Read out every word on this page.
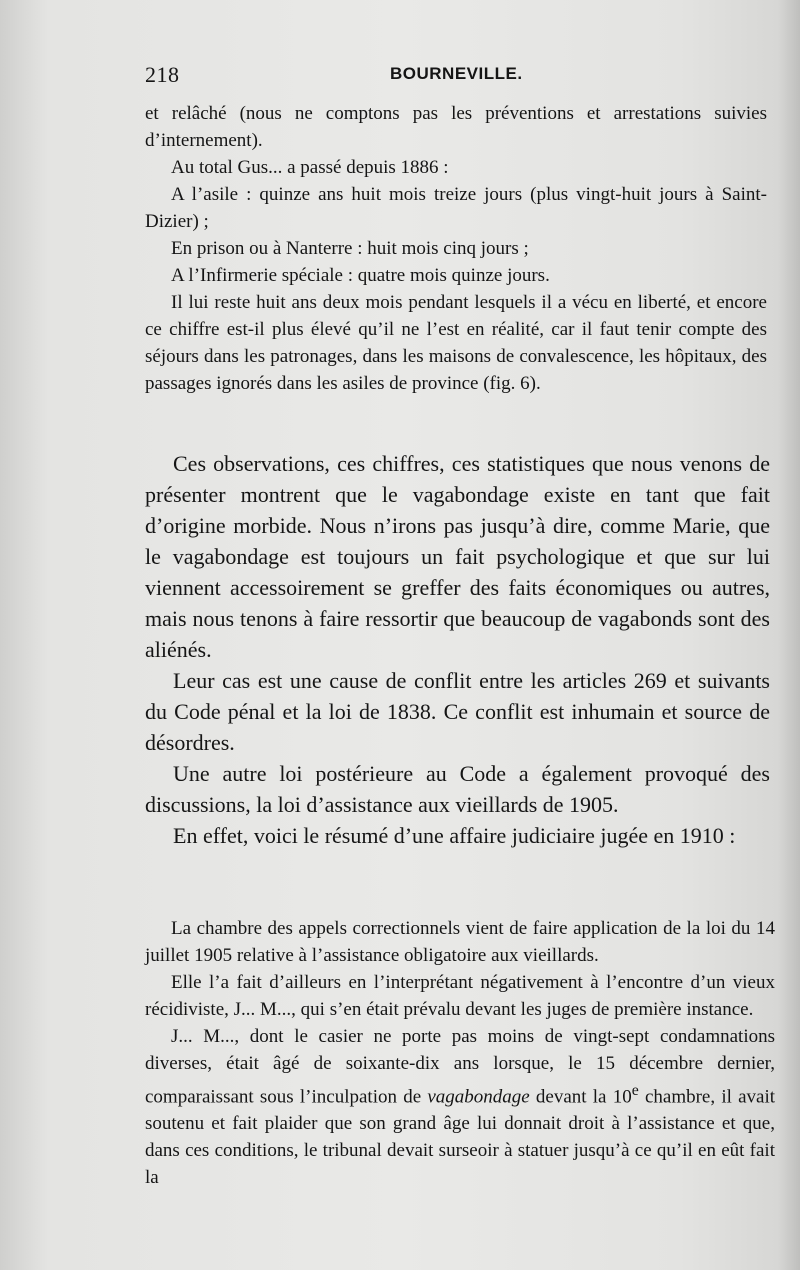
218	BOURNEVILLE.

et relâché (nous ne comptons pas les préventions et arrestations suivies d’internement).

Au total Gus... a passé depuis 1886 :

A l’asile : quinze ans huit mois treize jours (plus vingt-huit jours à Saint-Dizier) ;

En prison ou à Nanterre : huit mois cinq jours ;

A l’Infirmerie spéciale : quatre mois quinze jours.

Il lui reste huit ans deux mois pendant lesquels il a vécu en liberté, et encore ce chiffre est-il plus élevé qu’il ne l’est en réalité, car il faut tenir compte des séjours dans les patronages, dans les maisons de convalescence, les hôpitaux, des passages ignorés dans les asiles de province (fig. 6).

Ces observations, ces chiffres, ces statistiques que nous venons de présenter montrent que le vagabondage existe en tant que fait d’origine morbide. Nous n’irons pas jusqu’à dire, comme Marie, que le vagabondage est toujours un fait psychologique et que sur lui viennent accessoirement se greffer des faits économiques ou autres, mais nous tenons à faire ressortir que beaucoup de vagabonds sont des aliénés.

Leur cas est une cause de conflit entre les articles 269 et suivants du Code pénal et la loi de 1838. Ce conflit est inhumain et source de désordres.

Une autre loi postérieure au Code a également provoqué des discussions, la loi d’assistance aux vieillards de 1905.

En effet, voici le résumé d’une affaire judiciaire jugée en 1910 :

La chambre des appels correctionnels vient de faire application de la loi du 14 juillet 1905 relative à l’assistance obligatoire aux vieillards.

Elle l’a fait d’ailleurs en l’interprétant négativement à l’encontre d’un vieux récidiviste, J... M..., qui s’en était prévalu devant les juges de première instance.

J... M..., dont le casier ne porte pas moins de vingt-sept condamnations diverses, était âgé de soixante-dix ans lorsque, le 15 décembre dernier, comparaissant sous l’inculpation de vagabondage devant la 10e chambre, il avait soutenu et fait plaider que son grand âge lui donnait droit à l’assistance et que, dans ces conditions, le tribunal devait surseoir à statuer jusqu’à ce qu’il en eût fait la
